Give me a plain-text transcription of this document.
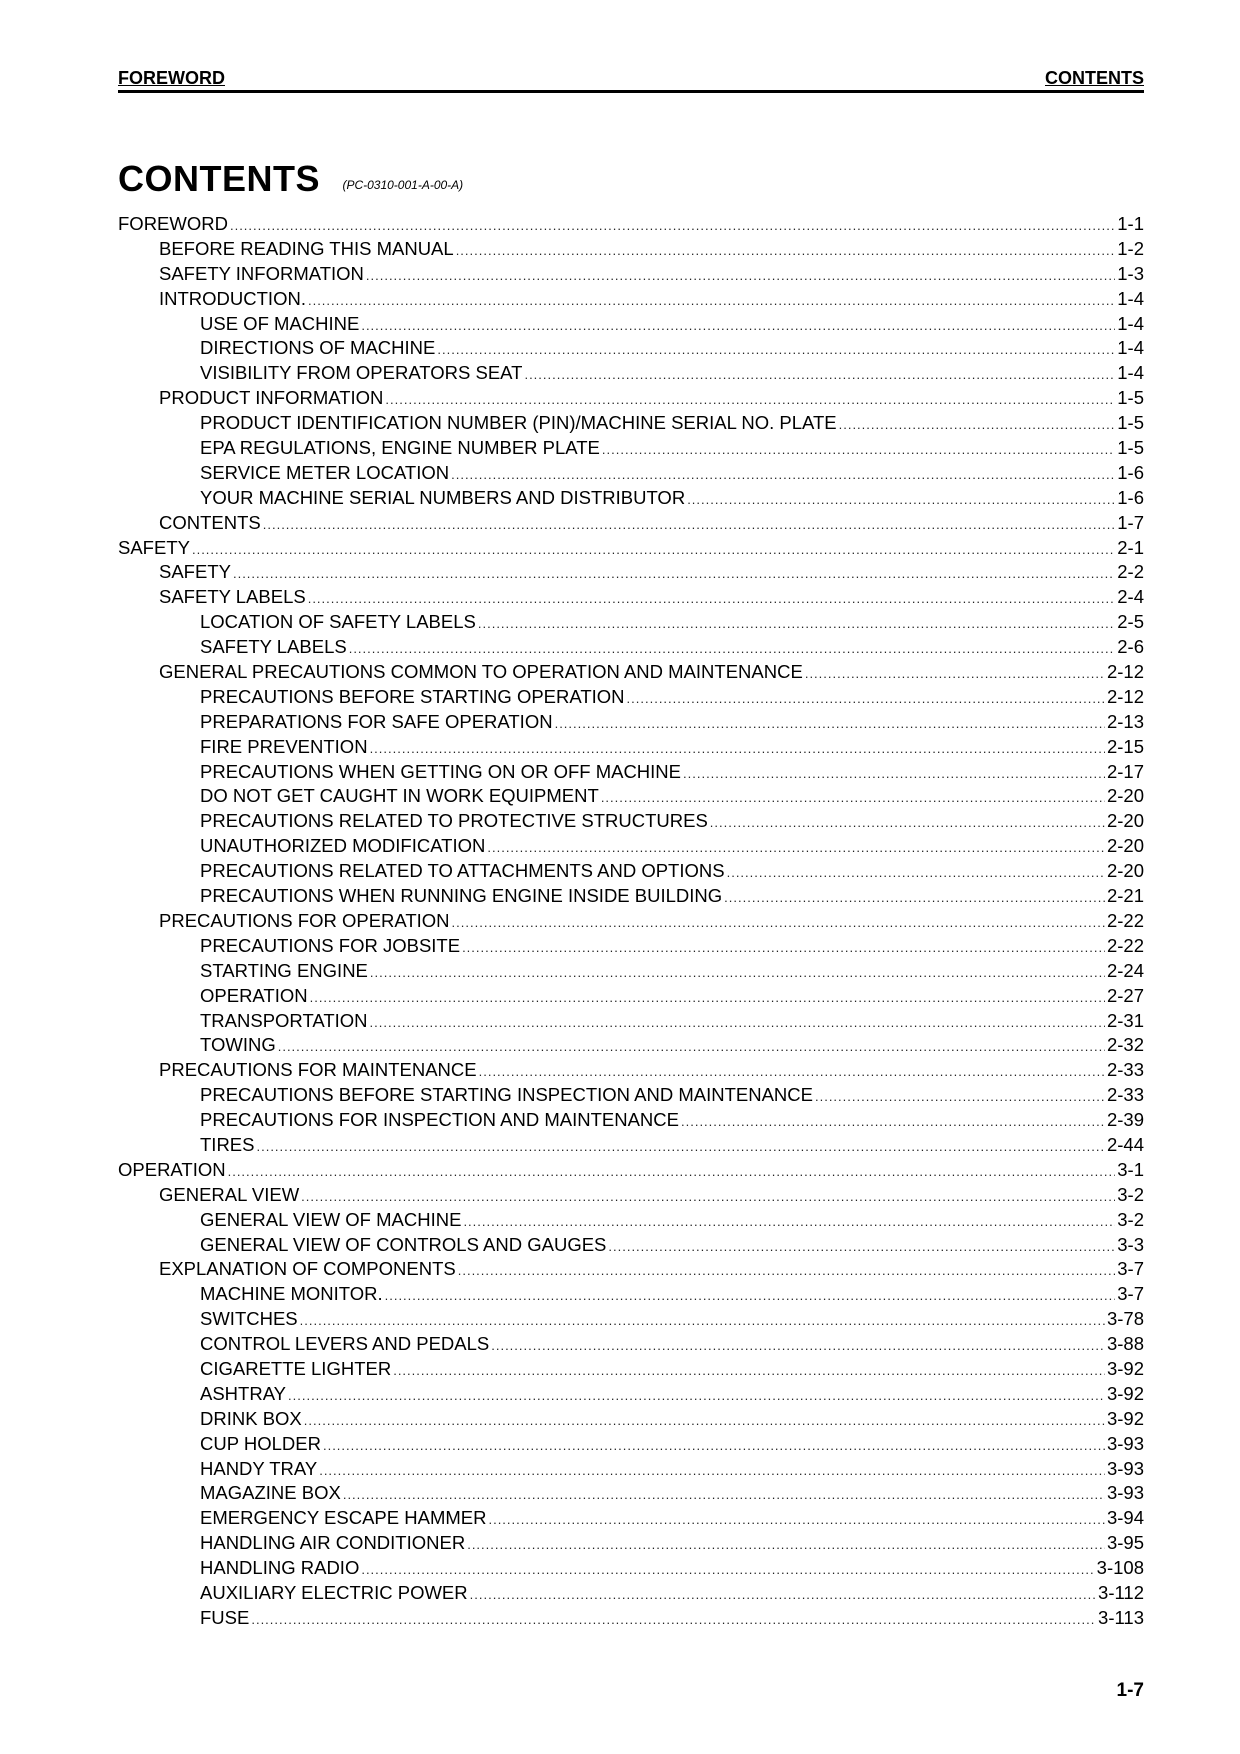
FOREWORD	CONTENTS
CONTENTS (PC-0310-001-A-00-A)
FOREWORD .....	1-1
BEFORE READING THIS MANUAL .....	1-2
SAFETY INFORMATION .....	1-3
INTRODUCTION. .....	1-4
USE OF MACHINE .....	1-4
DIRECTIONS OF MACHINE .....	1-4
VISIBILITY FROM OPERATORS SEAT .....	1-4
PRODUCT INFORMATION .....	1-5
PRODUCT IDENTIFICATION NUMBER (PIN)/MACHINE SERIAL NO. PLATE .....	1-5
EPA REGULATIONS, ENGINE NUMBER PLATE .....	1-5
SERVICE METER LOCATION .....	1-6
YOUR MACHINE SERIAL NUMBERS AND DISTRIBUTOR .....	1-6
CONTENTS .....	1-7
SAFETY .....	2-1
SAFETY .....	2-2
SAFETY LABELS .....	2-4
LOCATION OF SAFETY LABELS .....	2-5
SAFETY LABELS .....	2-6
GENERAL PRECAUTIONS COMMON TO OPERATION AND MAINTENANCE .....	2-12
PRECAUTIONS BEFORE STARTING OPERATION .....	2-12
PREPARATIONS FOR SAFE OPERATION .....	2-13
FIRE PREVENTION .....	2-15
PRECAUTIONS WHEN GETTING ON OR OFF MACHINE .....	2-17
DO NOT GET CAUGHT IN WORK EQUIPMENT .....	2-20
PRECAUTIONS RELATED TO PROTECTIVE STRUCTURES .....	2-20
UNAUTHORIZED MODIFICATION .....	2-20
PRECAUTIONS RELATED TO ATTACHMENTS AND OPTIONS .....	2-20
PRECAUTIONS WHEN RUNNING ENGINE INSIDE BUILDING .....	2-21
PRECAUTIONS FOR OPERATION .....	2-22
PRECAUTIONS FOR JOBSITE .....	2-22
STARTING ENGINE .....	2-24
OPERATION .....	2-27
TRANSPORTATION .....	2-31
TOWING .....	2-32
PRECAUTIONS FOR MAINTENANCE .....	2-33
PRECAUTIONS BEFORE STARTING INSPECTION AND MAINTENANCE .....	2-33
PRECAUTIONS FOR INSPECTION AND MAINTENANCE .....	2-39
TIRES .....	2-44
OPERATION .....	3-1
GENERAL VIEW .....	3-2
GENERAL VIEW OF MACHINE .....	3-2
GENERAL VIEW OF CONTROLS AND GAUGES .....	3-3
EXPLANATION OF COMPONENTS .....	3-7
MACHINE MONITOR. .....	3-7
SWITCHES .....	3-78
CONTROL LEVERS AND PEDALS .....	3-88
CIGARETTE LIGHTER .....	3-92
ASHTRAY .....	3-92
DRINK BOX .....	3-92
CUP HOLDER .....	3-93
HANDY TRAY .....	3-93
MAGAZINE BOX .....	3-93
EMERGENCY ESCAPE HAMMER .....	3-94
HANDLING AIR CONDITIONER .....	3-95
HANDLING RADIO .....	3-108
AUXILIARY ELECTRIC POWER .....	3-112
FUSE .....	3-113
1-7
